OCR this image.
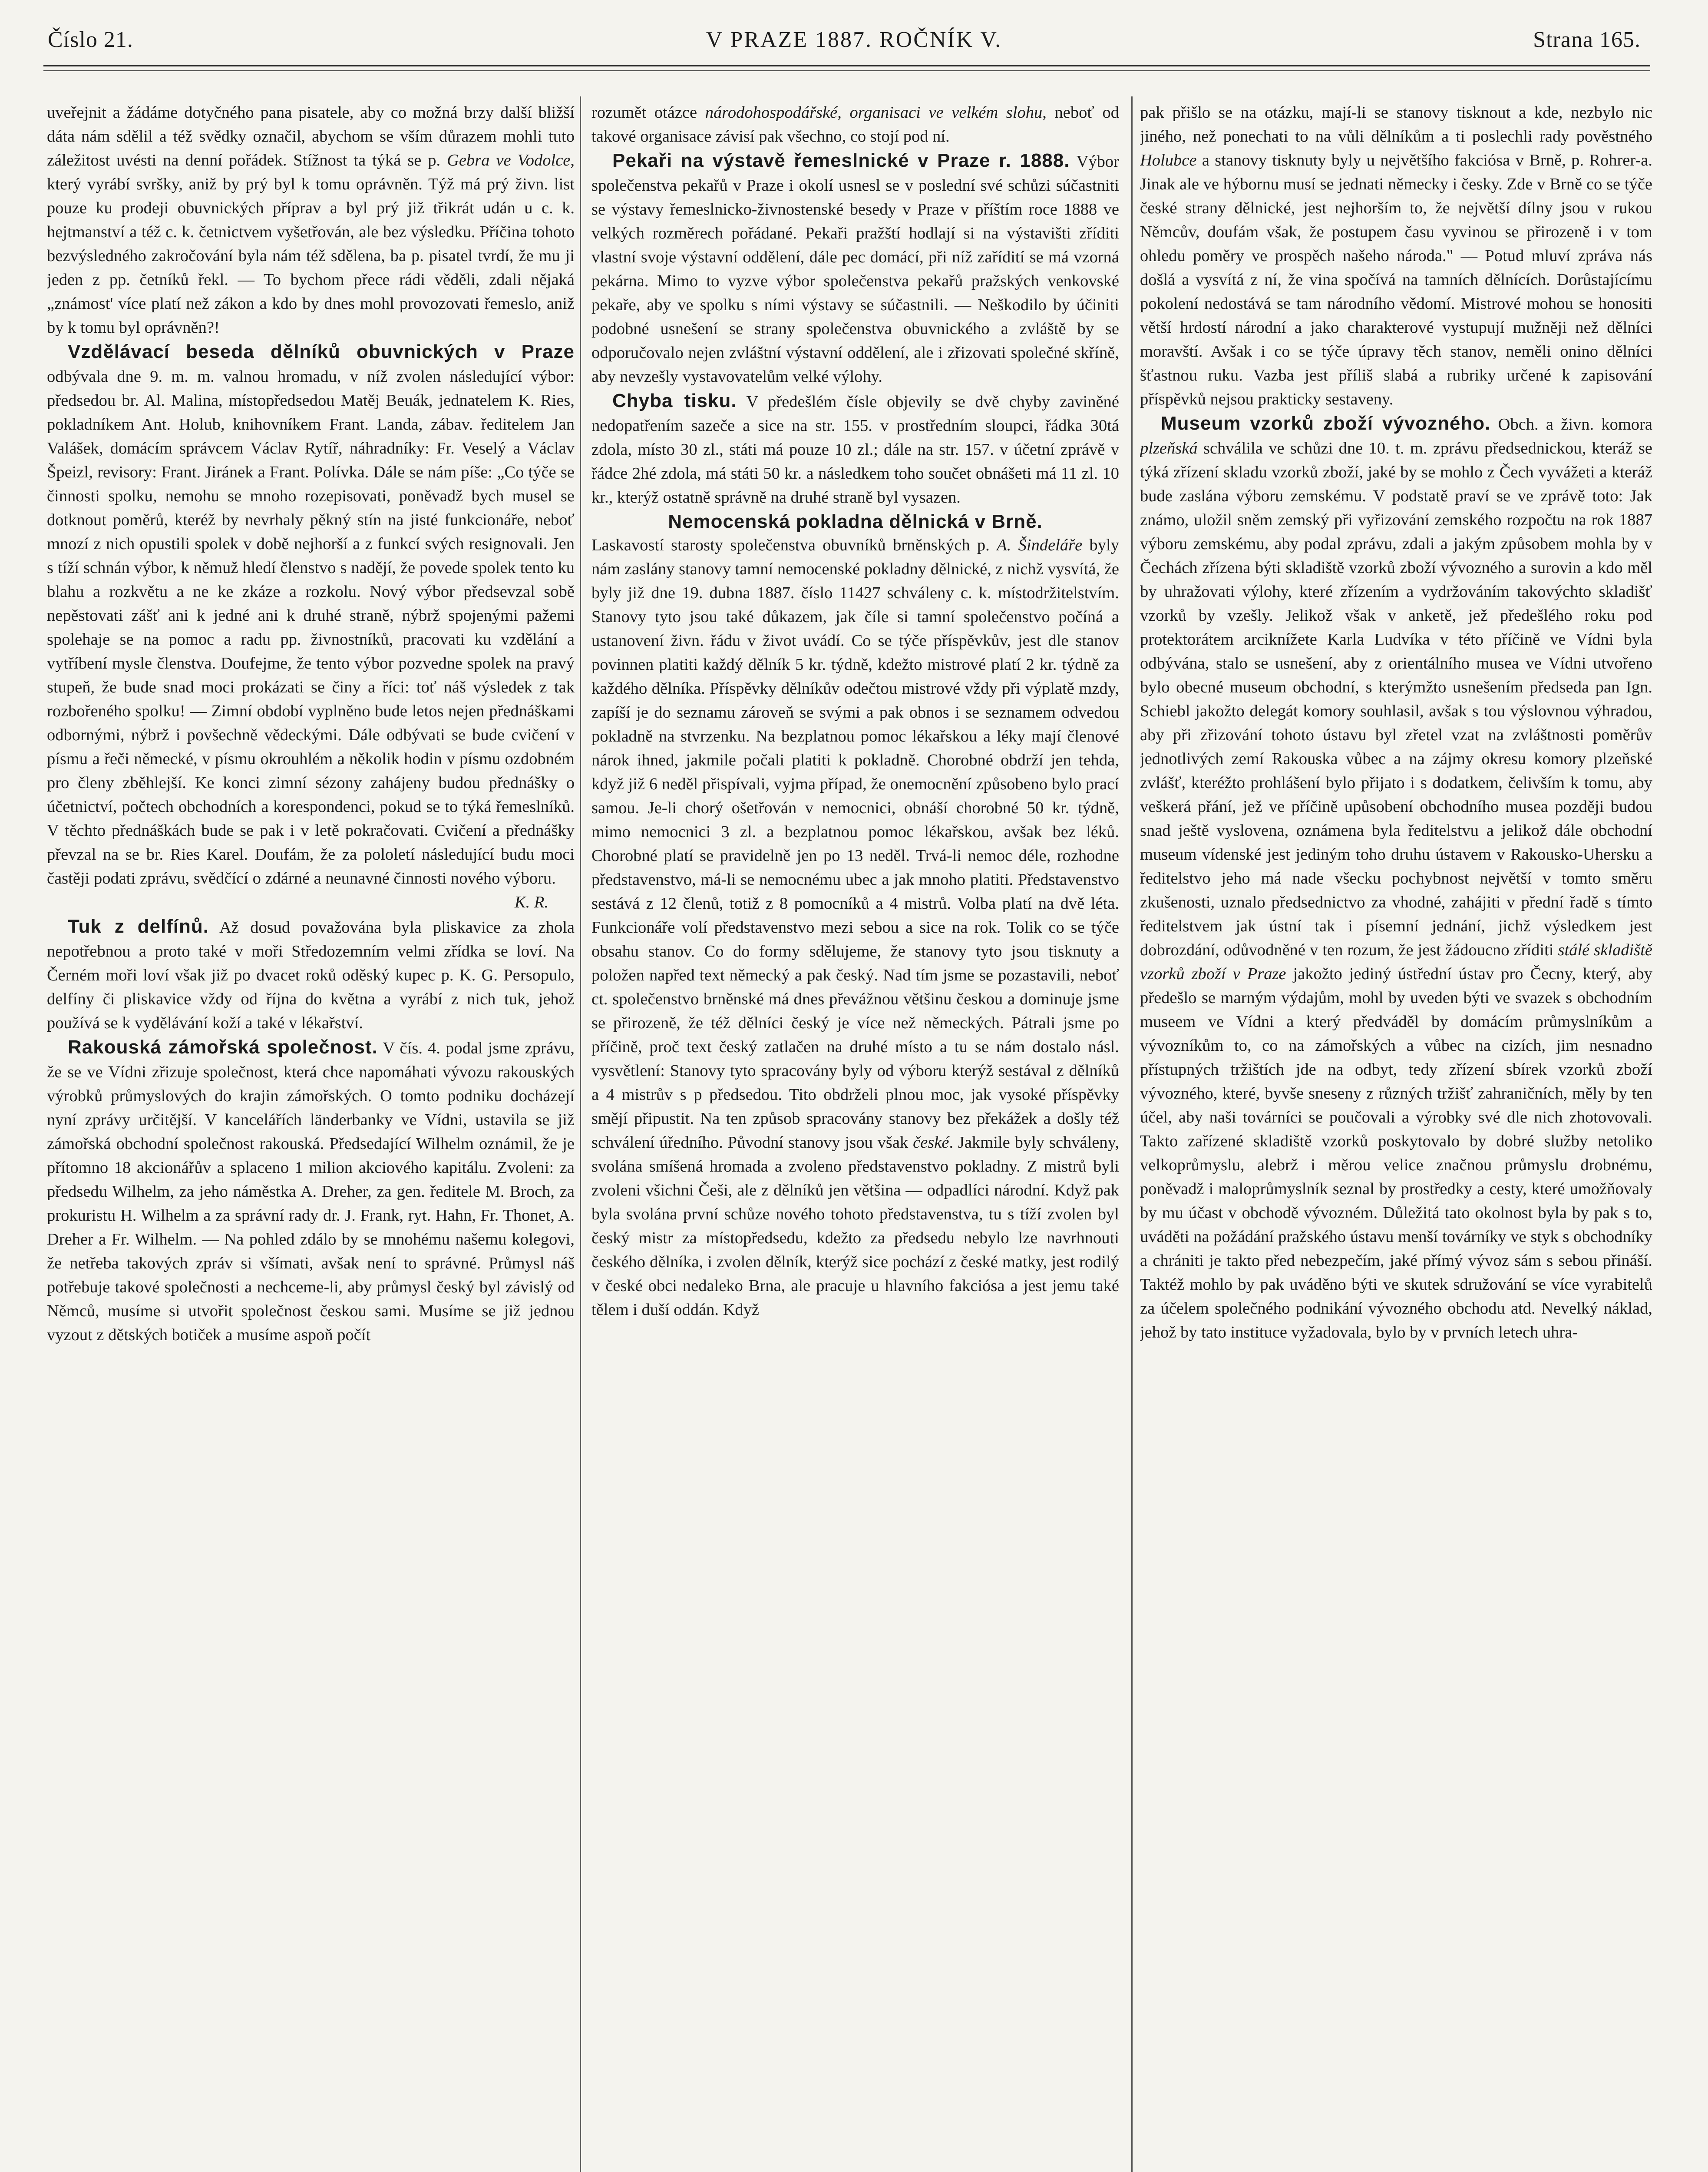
Číslo 21.	V PRAZE 1887. ROČNÍK V.	Strana 165.

uveřejnit a žádáme dotyčného pana pisatele, aby co možná brzy další bližší dáta nám sdělil a též svědky označil, abychom se vším důrazem mohli tuto záležitost uvésti na denní pořádek. Stížnost ta týká se p. Gebra ve Vodolce, který vyrábí svršky, aniž by prý byl k tomu oprávněn. Týž má prý živn. list pouze ku prodeji obuvnických příprav a byl prý již třikrát udán u c. k. hejtmanství a též c. k. četnictvem vyšetřován, ale bez výsledku. Příčina tohoto bezvýsledného zakročování byla nám též sdělena, ba p. pisatel tvrdí, že mu ji jeden z pp. četníků řekl. — To bychom přece rádi věděli, zdali nějaká „známost' více platí než zákon a kdo by dnes mohl provozovati řemeslo, aniž by k tomu byl oprávněn?!

Vzdělávací beseda dělníků obuvnických v Praze odbývala dne 9. m. m. valnou hromadu, v níž zvolen následující výbor: předsedou br. Al. Malina, místopředsedou Matěj Beuák, jednatelem K. Ries, pokladníkem Ant. Holub, knihovníkem Frant. Landa, zábav. ředitelem Jan Valášek, domácím správcem Václav Rytíř, náhradníky: Fr. Veselý a Václav Špeizl, revisory: Frant. Jiránek a Frant. Polívka. Dále se nám píše: „Co týče se činnosti spolku, nemohu se mnoho rozepisovati, poněvadž bych musel se dotknout poměrů, kteréž by nevrhaly pěkný stín na jisté funkcionáře, neboť mnozí z nich opustili spolek v době nejhorší a z funkcí svých resignovali. Jen s tíží schnán výbor, k němuž hledí členstvo s nadějí, že povede spolek tento ku blahu a rozkvětu a ne ke zkáze a rozkolu. Nový výbor předsevzal sobě nepěstovati zášť ani k jedné ani k druhé straně, nýbrž spojenými pažemi spolehaje se na pomoc a radu pp. živnostníků, pracovati ku vzdělání a vytříbení mysle členstva. Doufejme, že tento výbor pozvedne spolek na pravý stupeň, že bude snad moci prokázati se činy a říci: toť náš výsledek z tak rozbořeného spolku! — Zimní období vyplněno bude letos nejen přednáškami odbornými, nýbrž i povšechně vědeckými. Dále odbývati se bude cvičení v písmu a řeči německé, v písmu okrouhlém a několik hodin v písmu ozdobném pro členy zběhlejší. Ke konci zimní sézony zahájeny budou přednášky o účetnictví, počtech obchodních a korespondenci, pokud se to týká řemeslníků. V těchto přednáškách bude se pak i v letě pokračovati. Cvičení a přednášky převzal na se br. Ries Karel. Doufám, že za pololetí následující budu moci častěji podati zprávu, svědčící o zdárné a neunavné činnosti nového výboru.

K. R.

Tuk z delfínů. Až dosud považována byla pliskavice za zhola nepotřebnou a proto také v moři Středozemním velmi zřídka se loví. Na Černém moři loví však již po dvacet roků oděský kupec p. K. G. Persopulo, delfíny či pliskavice vždy od října do května a vyrábí z nich tuk, jehož používá se k vydělávání koží a také v lékařství.

Rakouská zámořská společnost. V čís. 4. podal jsme zprávu, že se ve Vídni zřizuje společnost, která chce napomáhati vývozu rakouských výrobků průmyslových do krajin zámořských. O tomto podniku docházejí nyní zprávy určitější. V kancelářích länderbanky ve Vídni, ustavila se již zámořská obchodní společnost rakouská. Předsedající Wilhelm oznámil, že je přítomno 18 akcionářův a splaceno 1 milion akciového kapitálu. Zvoleni: za předsedu Wilhelm, za jeho náměstka A. Dreher, za gen. ředitele M. Broch, za prokuristu H. Wilhelm a za správní rady dr. J. Frank, ryt. Hahn, Fr. Thonet, A. Dreher a Fr. Wilhelm. — Na pohled zdálo by se mnohému našemu kolegovi, že netřeba takových zpráv si všímati, avšak není to správné. Průmysl náš potřebuje takové společnosti a nechceme-li, aby průmysl český byl závislý od Němců, musíme si utvořit společnost českou sami. Musíme se již jednou vyzout z dětských botiček a musíme aspoň počít

rozumět otázce národohospodářské, organisaci ve velkém slohu, neboť od takové organisace závisí pak všechno, co stojí pod ní.

Pekaři na výstavě řemeslnické v Praze r. 1888. Výbor společenstva pekařů v Praze i okolí usnesl se v poslední své schůzi súčastniti se výstavy řemeslnicko-živnostenské besedy v Praze v příštím roce 1888 ve velkých rozměrech pořádané. Pekaři pražští hodlají si na výstavišti zříditi vlastní svoje výstavní oddělení, dále pec domácí, při níž zařídití se má vzorná pekárna. Mimo to vyzve výbor společenstva pekařů pražských venkovské pekaře, aby ve spolku s ními výstavy se súčastnili. — Neškodilo by účiniti podobné usnešení se strany společenstva obuvnického a zvláště by se odporučovalo nejen zvláštní výstavní oddělení, ale i zřizovati společné skříně, aby nevzešly vystavovatelům velké výlohy.

Chyba tisku. V předešlém čísle objevily se dvě chyby zaviněné nedopatřením sazeče a sice na str. 155. v prostředním sloupci, řádka 30tá zdola, místo 30 zl., státi má pouze 10 zl.; dále na str. 157. v účetní zprávě v řádce 2hé zdola, má státi 50 kr. a následkem toho součet obnášeti má 11 zl. 10 kr., kterýž ostatně správně na druhé straně byl vysazen.

Nemocenská pokladna dělnická v Brně.
Laskavostí starosty společenstva obuvníků brněnských p. A. Šindeláře byly nám zaslány stanovy tamní nemocenské pokladny dělnické, z nichž vysvítá, že byly již dne 19. dubna 1887. číslo 11427 schváleny c. k. místodržitelstvím. Stanovy tyto jsou také důkazem, jak číle si tamní společenstvo počíná a ustanovení živn. řádu v život uvádí. Co se týče příspěvkův, jest dle stanov povinnen platiti každý dělník 5 kr. týdně, kdežto mistrové platí 2 kr. týdně za každého dělníka. Příspěvky dělníkův odečtou mistrové vždy při výplatě mzdy, zapíší je do seznamu zároveň se svými a pak obnos i se seznamem odvedou pokladně na stvrzenku. Na bezplatnou pomoc lékařskou a léky mají členové nárok ihned, jakmile počali platiti k pokladně. Chorobné obdrží jen tehda, když již 6 neděl přispívali, vyjma případ, že onemocnění způsobeno bylo prací samou. Je-li chorý ošetřován v nemocnici, obnáší chorobné 50 kr. týdně, mimo nemocnici 3 zl. a bezplatnou pomoc lékařskou, avšak bez léků. Chorobné platí se pravidelně jen po 13 neděl. Trvá-li nemoc déle, rozhodne představenstvo, má-li se nemocnému ubec a jak mnoho platiti. Představenstvo sestává z 12 členů, totiž z 8 pomocníků a 4 mistrů. Volba platí na dvě léta. Funkcionáře volí představenstvo mezi sebou a sice na rok. Tolik co se týče obsahu stanov. Co do formy sdělujeme, že stanovy tyto jsou tisknuty a položen napřed text německý a pak český. Nad tím jsme se pozastavili, neboť ct. společenstvo brněnské má dnes převážnou většinu českou a dominuje jsme se přirozeně, že též dělníci český je více než německých. Pátrali jsme po příčině, proč text český zatlačen na druhé místo a tu se nám dostalo násl. vysvětlení: Stanovy tyto spracovány byly od výboru kterýž sestával z dělníků a 4 mistrův s p předsedou. Tito obdrželi plnou moc, jak vysoké příspěvky smějí připustit. Na ten způsob spracovány stanovy bez překážek a došly též schválení úředního. Původní stanovy jsou však české. Jakmile byly schváleny, svolána smíšená hromada a zvoleno představenstvo pokladny. Z mistrů byli zvoleni všichni Češi, ale z dělníků jen většina — odpadlíci národní. Když pak byla svolána první schůze nového tohoto představenstva, tu s tíží zvolen byl český mistr za místopředsedu, kdežto za předsedu nebylo lze navrhnouti českého dělníka, i zvolen dělník, kterýž sice pochází z české matky, jest rodilý v české obci nedaleko Brna, ale pracuje u hlavního fakciósa a jest jemu také tělem i duší oddán. Když

pak přišlo se na otázku, mají-li se stanovy tisknout a kde, nezbylo nic jiného, než ponechati to na vůli dělníkům a ti poslechli rady pověstného Holubce a stanovy tisknuty byly u největšího fakciósa v Brně, p. Rohrer-a. Jinak ale ve hýbornu musí se jednati německy i česky. Zde v Brně co se týče české strany dělnické, jest nejhorším to, že největší dílny jsou v rukou Němcův, doufám však, že postupem času vyvinou se přirozeně i v tom ohledu poměry ve prospěch našeho národa." — Potud mluví zpráva nás došlá a vysvítá z ní, že vina spočívá na tamních dělnících. Dorůstajícímu pokolení nedostává se tam národního vědomí. Mistrové mohou se honositi větší hrdostí národní a jako charakterové vystupují mužněji než dělníci moravští. Avšak i co se týče úpravy těch stanov, neměli onino dělníci šťastnou ruku. Vazba jest příliš slabá a rubriky určené k zapisování příspěvků nejsou prakticky sestaveny.

Museum vzorků zboží vývozného. Obch. a živn. komora plzeňská schválila ve schůzi dne 10. t. m. zprávu předsednickou, kteráž se týká zřízení skladu vzorků zboží, jaké by se mohlo z Čech vyvážeti a kteráž bude zaslána výboru zemskému. V podstatě praví se ve zprávě toto: Jak známo, uložil sněm zemský při vyřizování zemského rozpočtu na rok 1887 výboru zemskému, aby podal zprávu, zdali a jakým způsobem mohla by v Čechách zřízena býti skladiště vzorků zboží vývozného a surovin a kdo měl by uhražovati výlohy, které zřízením a vydržováním takovýchto skladišť vzorků by vzešly. Jelikož však v anketě, jež předešlého roku pod protektorátem arciknížete Karla Ludvíka v této příčině ve Vídni byla odbývána, stalo se usnešení, aby z orientálního musea ve Vídni utvořeno bylo obecné museum obchodní, s kterýmžto usnešením předseda pan Ign. Schiebl jakožto delegát komory souhlasil, avšak s tou výslovnou výhradou, aby při zřizování tohoto ústavu byl zřetel vzat na zvláštnosti poměrův jednotlivých zemí Rakouska vůbec a na zájmy okresu komory plzeňské zvlášť, kteréžto prohlášení bylo přijato i s dodatkem, čelivším k tomu, aby veškerá přání, jež ve příčině upůsobení obchodního musea později budou snad ještě vyslovena, oznámena byla ředitelstvu a jelikož dále obchodní museum vídenské jest jediným toho druhu ústavem v Rakousko-Uhersku a ředitelstvo jeho má nade všecku pochybnost největší v tomto směru zkušenosti, uznalo předsednictvo za vhodné, zahájiti v přední řadě s tímto ředitelstvem jak ústní tak i písemní jednání, jichž výsledkem jest dobrozdání, odůvodněné v ten rozum, že jest žádoucno zříditi stálé skladiště vzorků zboží v Praze jakožto jediný ústřední ústav pro Čecny, který, aby předešlo se marným výdajům, mohl by uveden býti ve svazek s obchodním museem ve Vídni a který předváděl by domácím průmyslníkům a vývozníkům to, co na zámořských a vůbec na cizích, jim nesnadno přístupných tržištích jde na odbyt, tedy zřízení sbírek vzorků zboží vývozného, které, byvše sneseny z různých tržišť zahraničních, měly by ten účel, aby naši továrníci se poučovali a výrobky své dle nich zhotovovali. Takto zařízené skladiště vzorků poskytovalo by dobré služby netoliko velkoprůmyslu, alebrž i měrou velice značnou průmyslu drobnému, poněvadž i maloprůmyslník seznal by prostředky a cesty, které umožňovaly by mu účast v obchodě vývozném. Důležitá tato okolnost byla by pak s to, uváděti na požádání pražského ústavu menší továrníky ve styk s obchodníky a chrániti je takto před nebezpečím, jaké přímý vývoz sám s sebou přináší. Taktéž mohlo by pak uváděno býti ve skutek sdružování se více vyrabitelů za účelem společného podnikání vývozného obchodu atd. Nevelký náklad, jehož by tato instituce vyžadovala, bylo by v prvních letech uhra-
